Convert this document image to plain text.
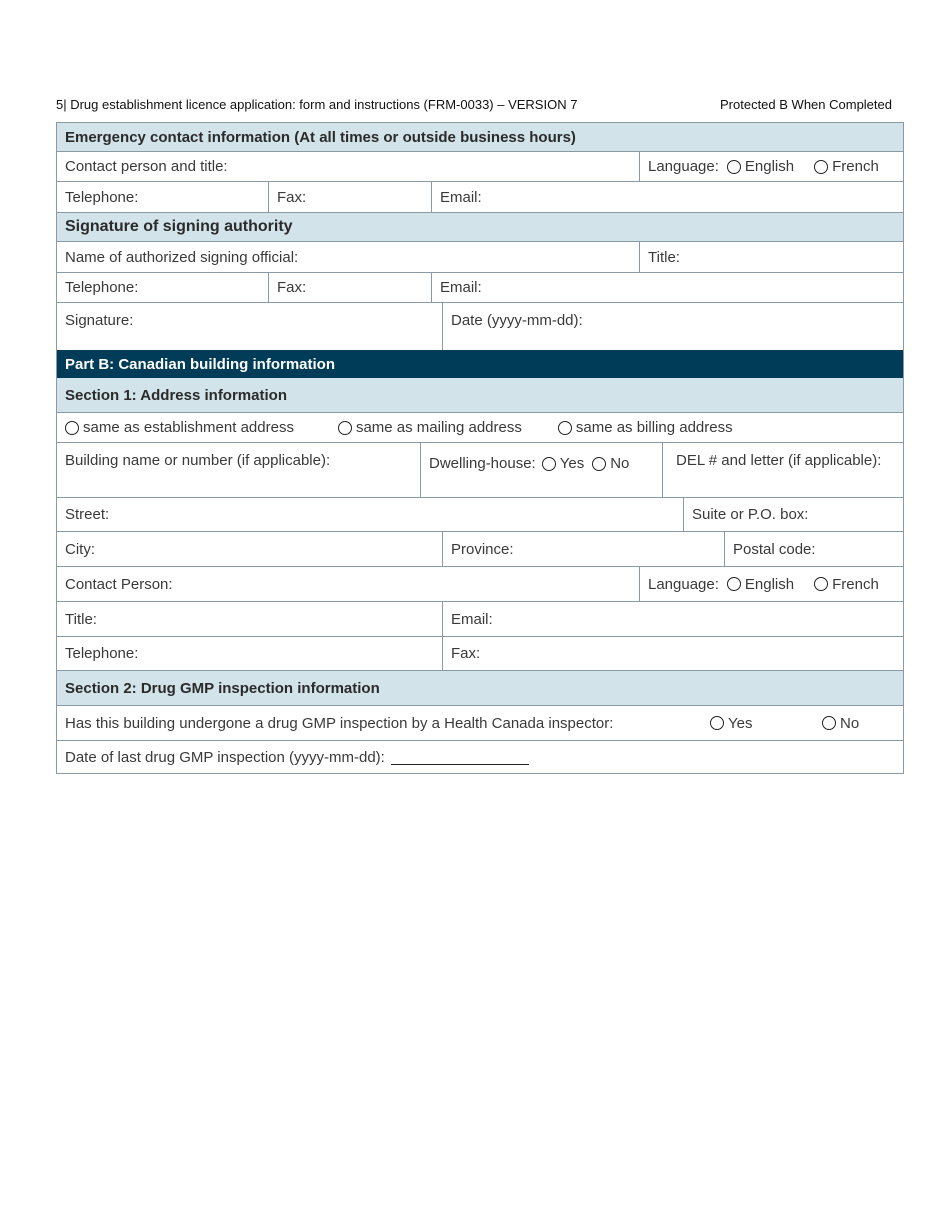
5| Drug establishment licence application: form and instructions (FRM-0033) – VERSION 7	Protected B When Completed
Emergency contact information (At all times or outside business hours)
Contact person and title:	Language: English	French
Telephone:	Fax:	Email:
Signature of signing authority
Name of authorized signing official:	Title:
Telephone:	Fax:	Email:
Signature:	Date (yyyy-mm-dd):
Part B: Canadian building information
Section 1: Address information
same as establishment address	same as mailing address	same as billing address
Building name or number (if applicable):	Dwelling-house: Yes No	DEL # and letter (if applicable):
Street:	Suite or P.O. box:
City:	Province:	Postal code:
Contact Person:	Language: English	French
Title:	Email:
Telephone:	Fax:
Section 2: Drug GMP inspection information
Has this building undergone a drug GMP inspection by a Health Canada inspector:	Yes	No
Date of last drug GMP inspection (yyyy-mm-dd):
